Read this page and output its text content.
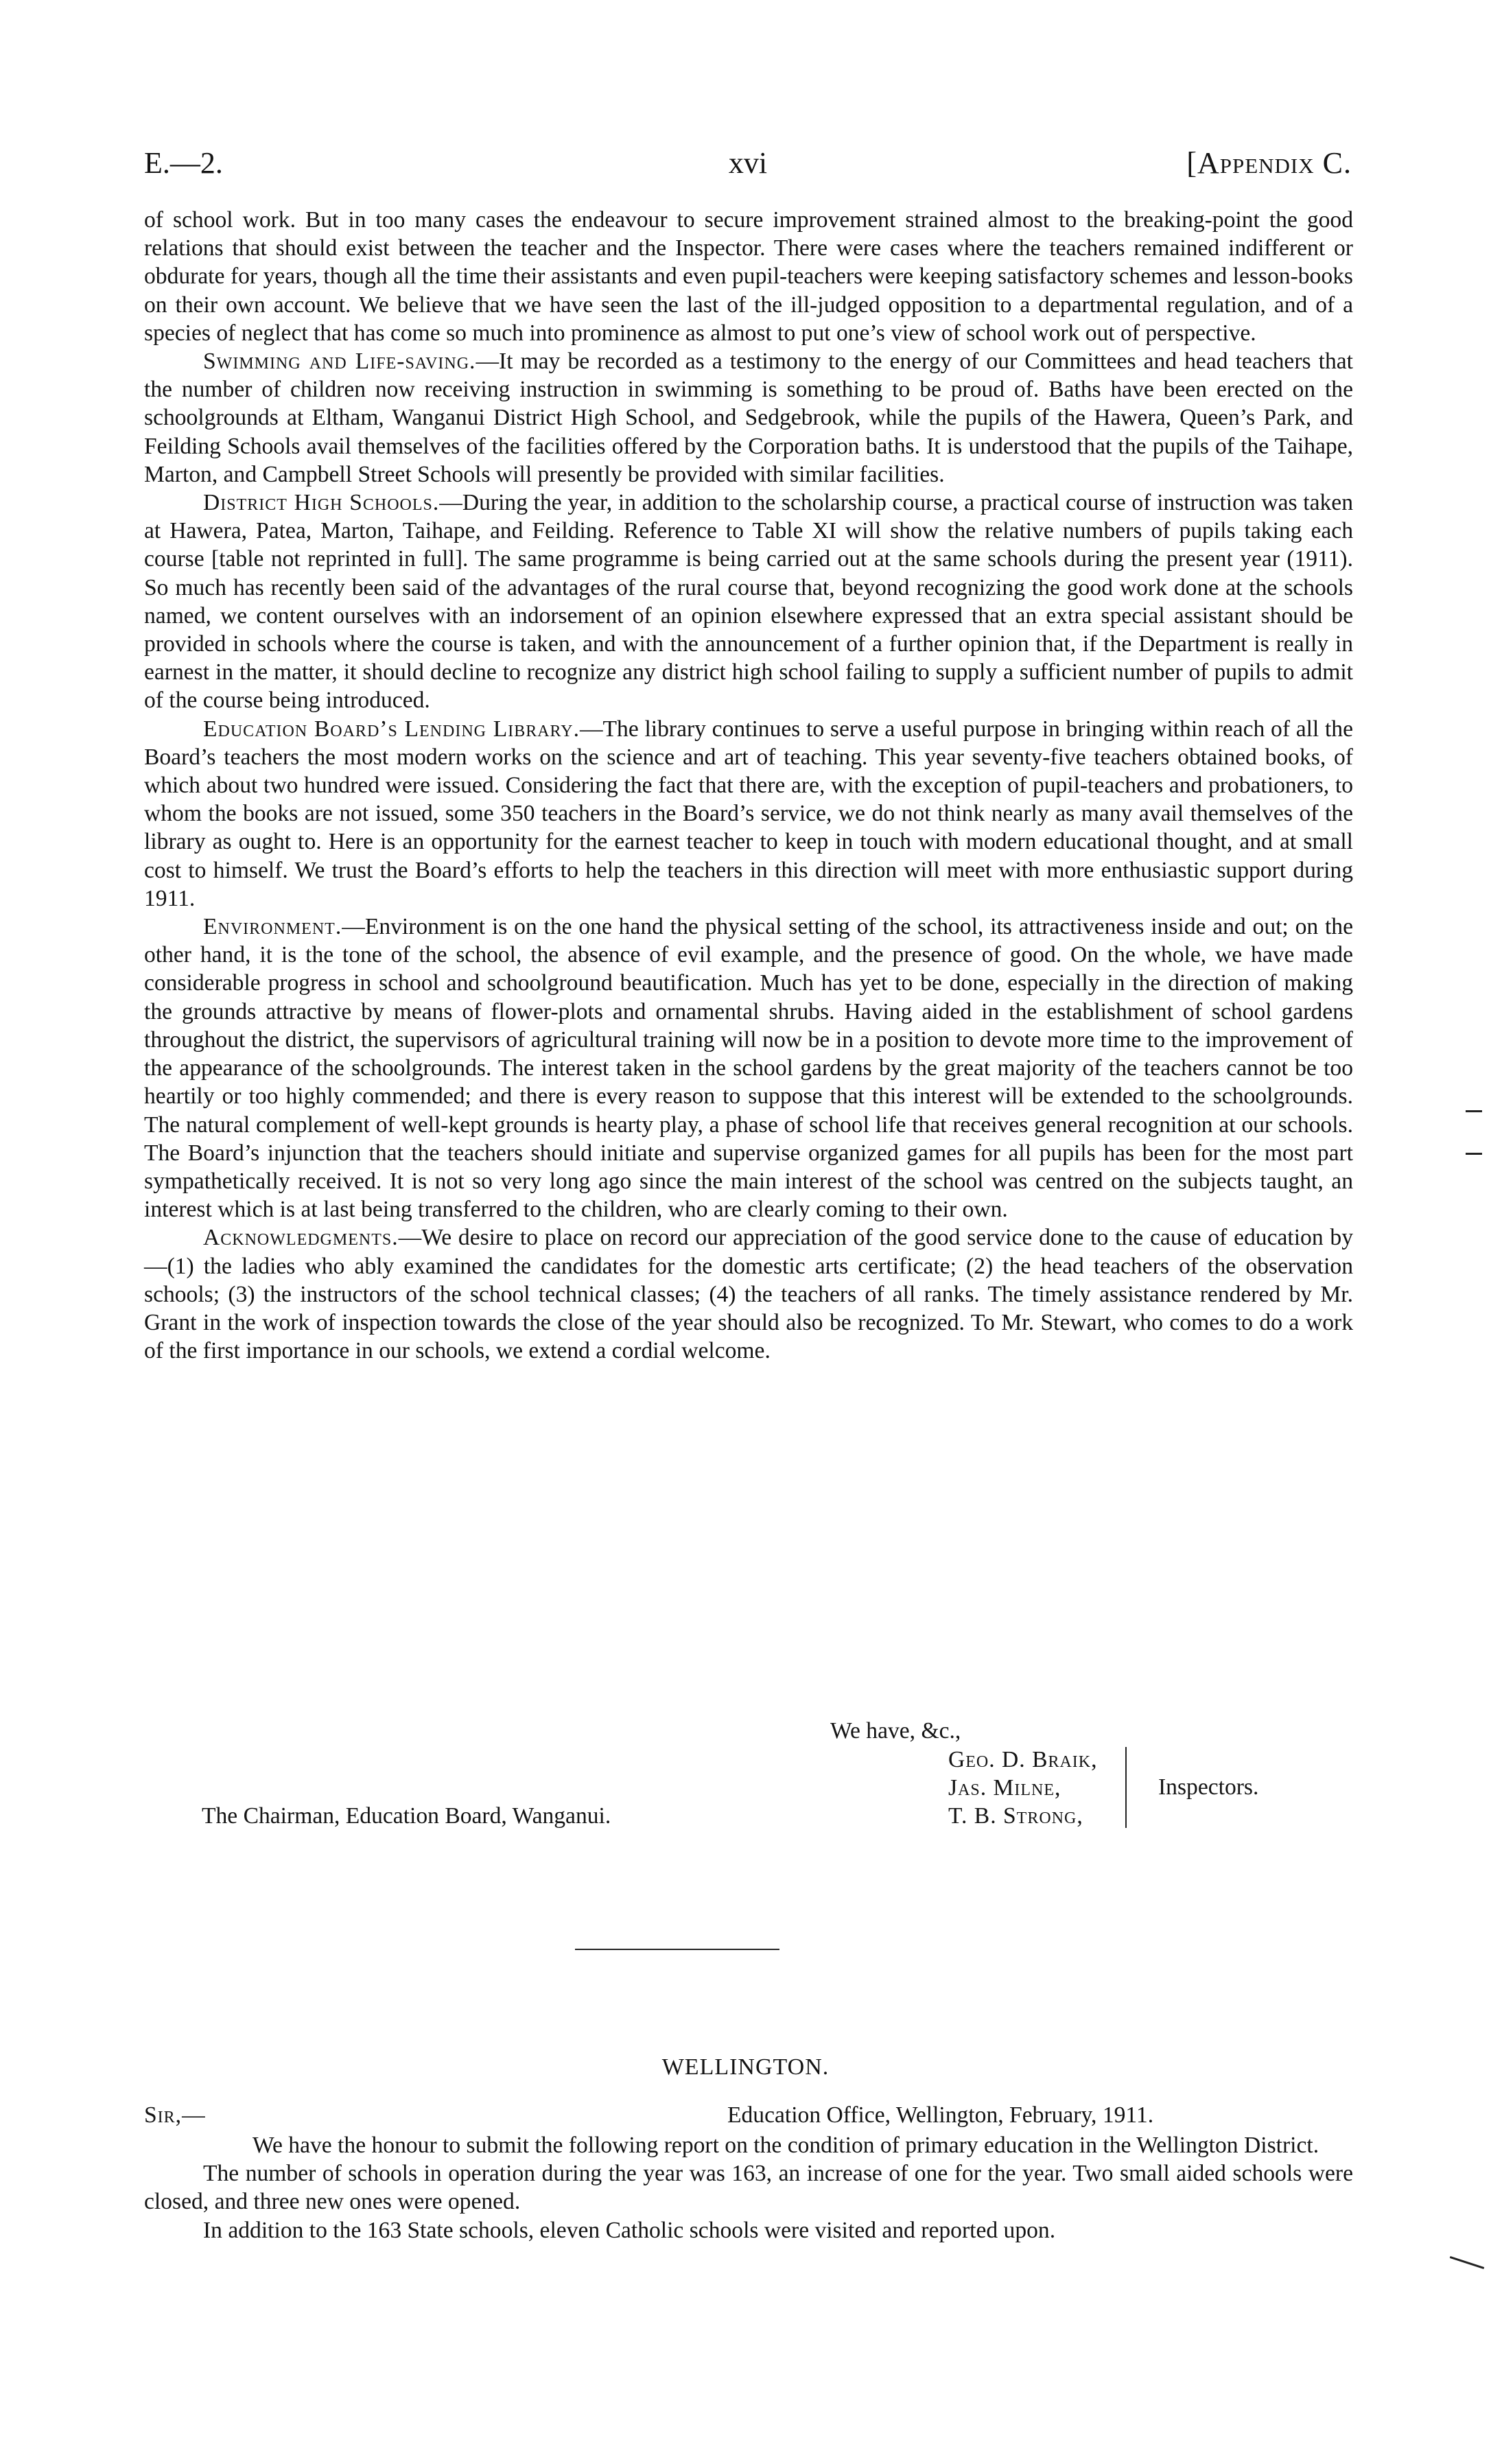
E.—2.	xvi	[Appendix C.

of school work. But in too many cases the endeavour to secure improvement strained almost to the breaking-point the good relations that should exist between the teacher and the Inspector. There were cases where the teachers remained indifferent or obdurate for years, though all the time their assistants and even pupil-teachers were keeping satisfactory schemes and lesson-books on their own account. We believe that we have seen the last of the ill-judged opposition to a departmental regulation, and of a species of neglect that has come so much into prominence as almost to put one’s view of school work out of perspective.

Swimming and Life-saving.—It may be recorded as a testimony to the energy of our Committees and head teachers that the number of children now receiving instruction in swimming is something to be proud of. Baths have been erected on the schoolgrounds at Eltham, Wanganui District High School, and Sedgebrook, while the pupils of the Hawera, Queen’s Park, and Feilding Schools avail themselves of the facilities offered by the Corporation baths. It is understood that the pupils of the Taihape, Marton, and Campbell Street Schools will presently be provided with similar facilities.

District High Schools.—During the year, in addition to the scholarship course, a practical course of instruction was taken at Hawera, Patea, Marton, Taihape, and Feilding. Reference to Table XI will show the relative numbers of pupils taking each course [table not reprinted in full]. The same programme is being carried out at the same schools during the present year (1911). So much has recently been said of the advantages of the rural course that, beyond recognizing the good work done at the schools named, we content ourselves with an indorsement of an opinion elsewhere expressed that an extra special assistant should be provided in schools where the course is taken, and with the announcement of a further opinion that, if the Department is really in earnest in the matter, it should decline to recognize any district high school failing to supply a sufficient number of pupils to admit of the course being introduced.

Education Board’s Lending Library.—The library continues to serve a useful purpose in bringing within reach of all the Board’s teachers the most modern works on the science and art of teaching. This year seventy-five teachers obtained books, of which about two hundred were issued. Considering the fact that there are, with the exception of pupil-teachers and probationers, to whom the books are not issued, some 350 teachers in the Board’s service, we do not think nearly as many avail themselves of the library as ought to. Here is an opportunity for the earnest teacher to keep in touch with modern educational thought, and at small cost to himself. We trust the Board’s efforts to help the teachers in this direction will meet with more enthusiastic support during 1911.

Environment.—Environment is on the one hand the physical setting of the school, its attractiveness inside and out; on the other hand, it is the tone of the school, the absence of evil example, and the presence of good. On the whole, we have made considerable progress in school and schoolground beautification. Much has yet to be done, especially in the direction of making the grounds attractive by means of flower-plots and ornamental shrubs. Having aided in the establishment of school gardens throughout the district, the supervisors of agricultural training will now be in a position to devote more time to the improvement of the appearance of the schoolgrounds. The interest taken in the school gardens by the great majority of the teachers cannot be too heartily or too highly commended; and there is every reason to suppose that this interest will be extended to the schoolgrounds. The natural complement of well-kept grounds is hearty play, a phase of school life that receives general recognition at our schools. The Board’s injunction that the teachers should initiate and supervise organized games for all pupils has been for the most part sympathetically received. It is not so very long ago since the main interest of the school was centred on the subjects taught, an interest which is at last being transferred to the children, who are clearly coming to their own.

Acknowledgments.—We desire to place on record our appreciation of the good service done to the cause of education by—(1) the ladies who ably examined the candidates for the domestic arts certificate; (2) the head teachers of the observation schools; (3) the instructors of the school technical classes; (4) the teachers of all ranks. The timely assistance rendered by Mr. Grant in the work of inspection towards the close of the year should also be recognized. To Mr. Stewart, who comes to do a work of the first importance in our schools, we extend a cordial welcome.

We have, &c.,
Geo. D. Braik,
Jas. Milne,
T. B. Strong,
Inspectors.
The Chairman, Education Board, Wanganui.
WELLINGTON.
Sir,—	Education Office, Wellington, February, 1911.

We have the honour to submit the following report on the condition of primary education in the Wellington District.

The number of schools in operation during the year was 163, an increase of one for the year. Two small aided schools were closed, and three new ones were opened.

In addition to the 163 State schools, eleven Catholic schools were visited and reported upon.
